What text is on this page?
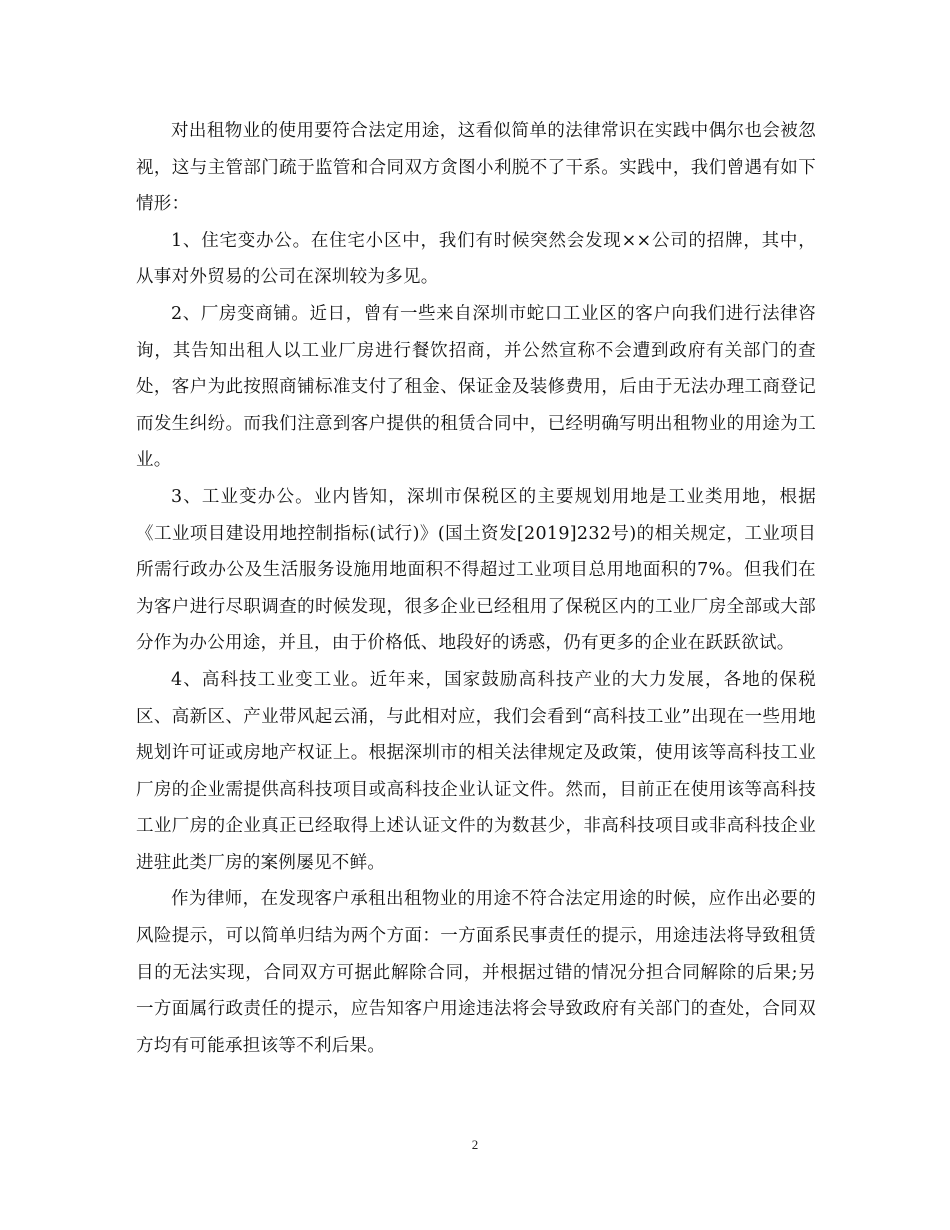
对出租物业的使用要符合法定用途，这看似简单的法律常识在实践中偶尔也会被忽视，这与主管部门疏于监管和合同双方贪图小利脱不了干系。实践中，我们曾遇有如下情形：

1、住宅变办公。在住宅小区中，我们有时候突然会发现××公司的招牌，其中，从事对外贸易的公司在深圳较为多见。

2、厂房变商铺。近日，曾有一些来自深圳市蛇口工业区的客户向我们进行法律咨询，其告知出租人以工业厂房进行餐饮招商，并公然宣称不会遭到政府有关部门的查处，客户为此按照商铺标准支付了租金、保证金及装修费用，后由于无法办理工商登记而发生纠纷。而我们注意到客户提供的租赁合同中，已经明确写明出租物业的用途为工业。

3、工业变办公。业内皆知，深圳市保税区的主要规划用地是工业类用地，根据《工业项目建设用地控制指标(试行)》(国土资发[2019]232号)的相关规定，工业项目所需行政办公及生活服务设施用地面积不得超过工业项目总用地面积的7%。但我们在为客户进行尽职调查的时候发现，很多企业已经租用了保税区内的工业厂房全部或大部分作为办公用途，并且，由于价格低、地段好的诱惑，仍有更多的企业在跃跃欲试。

4、高科技工业变工业。近年来，国家鼓励高科技产业的大力发展，各地的保税区、高新区、产业带风起云涌，与此相对应，我们会看到“高科技工业”出现在一些用地规划许可证或房地产权证上。根据深圳市的相关法律规定及政策，使用该等高科技工业厂房的企业需提供高科技项目或高科技企业认证文件。然而，目前正在使用该等高科技工业厂房的企业真正已经取得上述认证文件的为数甚少，非高科技项目或非高科技企业进驻此类厂房的案例屡见不鲜。

作为律师，在发现客户承租出租物业的用途不符合法定用途的时候，应作出必要的风险提示，可以简单归结为两个方面：一方面系民事责任的提示，用途违法将导致租赁目的无法实现，合同双方可据此解除合同，并根据过错的情况分担合同解除的后果;另一方面属行政责任的提示，应告知客户用途违法将会导致政府有关部门的查处，合同双方均有可能承担该等不利后果。

2
